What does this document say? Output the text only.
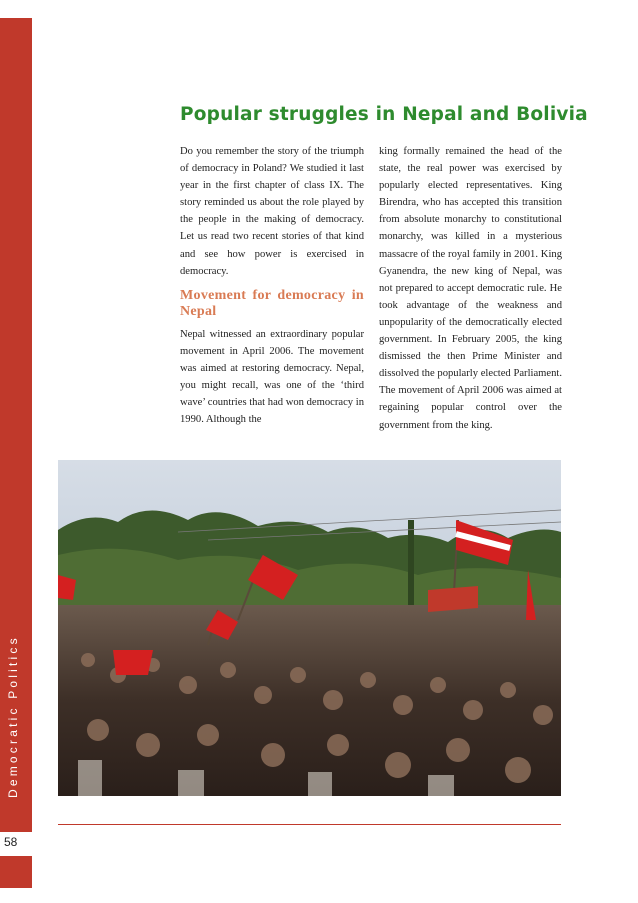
Democratic Politics
58
Popular struggles in Nepal and Bolivia

Do you remember the story of the triumph of democracy in Poland? We studied it last year in the first chapter of class IX. The story reminded us about the role played by the people in the making of democracy. Let us read two recent stories of that kind and see how power is exercised in democracy.

Movement for democracy in Nepal

Nepal witnessed an extraordinary popular movement in April 2006. The movement was aimed at restoring democracy. Nepal, you might recall, was one of the ‘third wave’ countries that had won democracy in 1990. Although the

king formally remained the head of the state, the real power was exercised by popularly elected representatives. King Birendra, who has accepted this transition from absolute monarchy to constitutional monarchy, was killed in a mysterious massacre of the royal family in 2001. King Gyanendra, the new king of Nepal, was not prepared to accept democratic rule. He took advantage of the weakness and unpopularity of the democratically elected government. In February 2005, the king dismissed the then Prime Minister and dissolved the popularly elected Parliament. The movement of April 2006 was aimed at regaining popular control over the government from the king.
